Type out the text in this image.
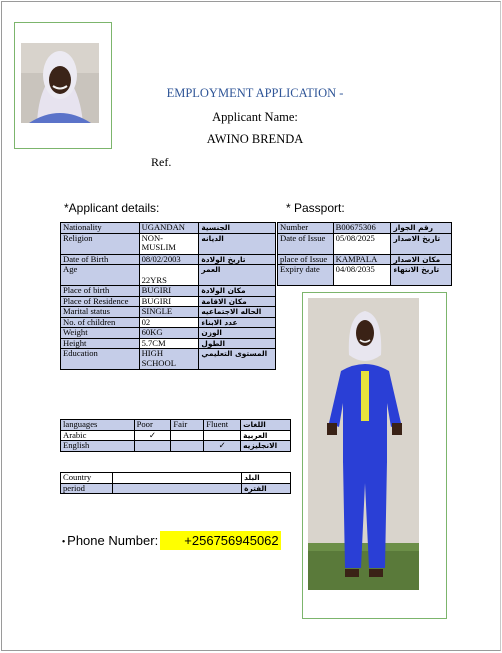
EMPLOYMENT APPLICATION -
Applicant Name:
AWINO BRENDA
Ref.
*Applicant details:	* Passport:
Nationality	UGANDAN	الجنسية
Religion	NON-MUSLIM	الديانه
Date of Birth	08/02/2003	تاريخ الولادة
Age	22YRS	العمر
Place of birth	BUGIRI	مكان الولادة
Place of Residence	BUGIRI	مكان الاقامة
Marital status	SINGLE	الحاله الاجتماعيه
No. of children	02	عدد الابناء
Weight	60KG	الوزن
Height	5.7CM	الطول
Education	HIGH SCHOOL	المستوى التعليمي
Number	B00675306	رقم الجواز
Date of Issue	05/08/2025	تاريخ الاصدار
place of Issue	KAMPALA	مكان الاصدار
Expiry date	04/08/2035	تاريخ الانتهاء
languages	Poor	Fair	Fluent	اللغات
Arabic	✓			العربية
English			✓	الانجليزيه
Country		البلد
period		الفترة
• Phone Number: +256756945062
